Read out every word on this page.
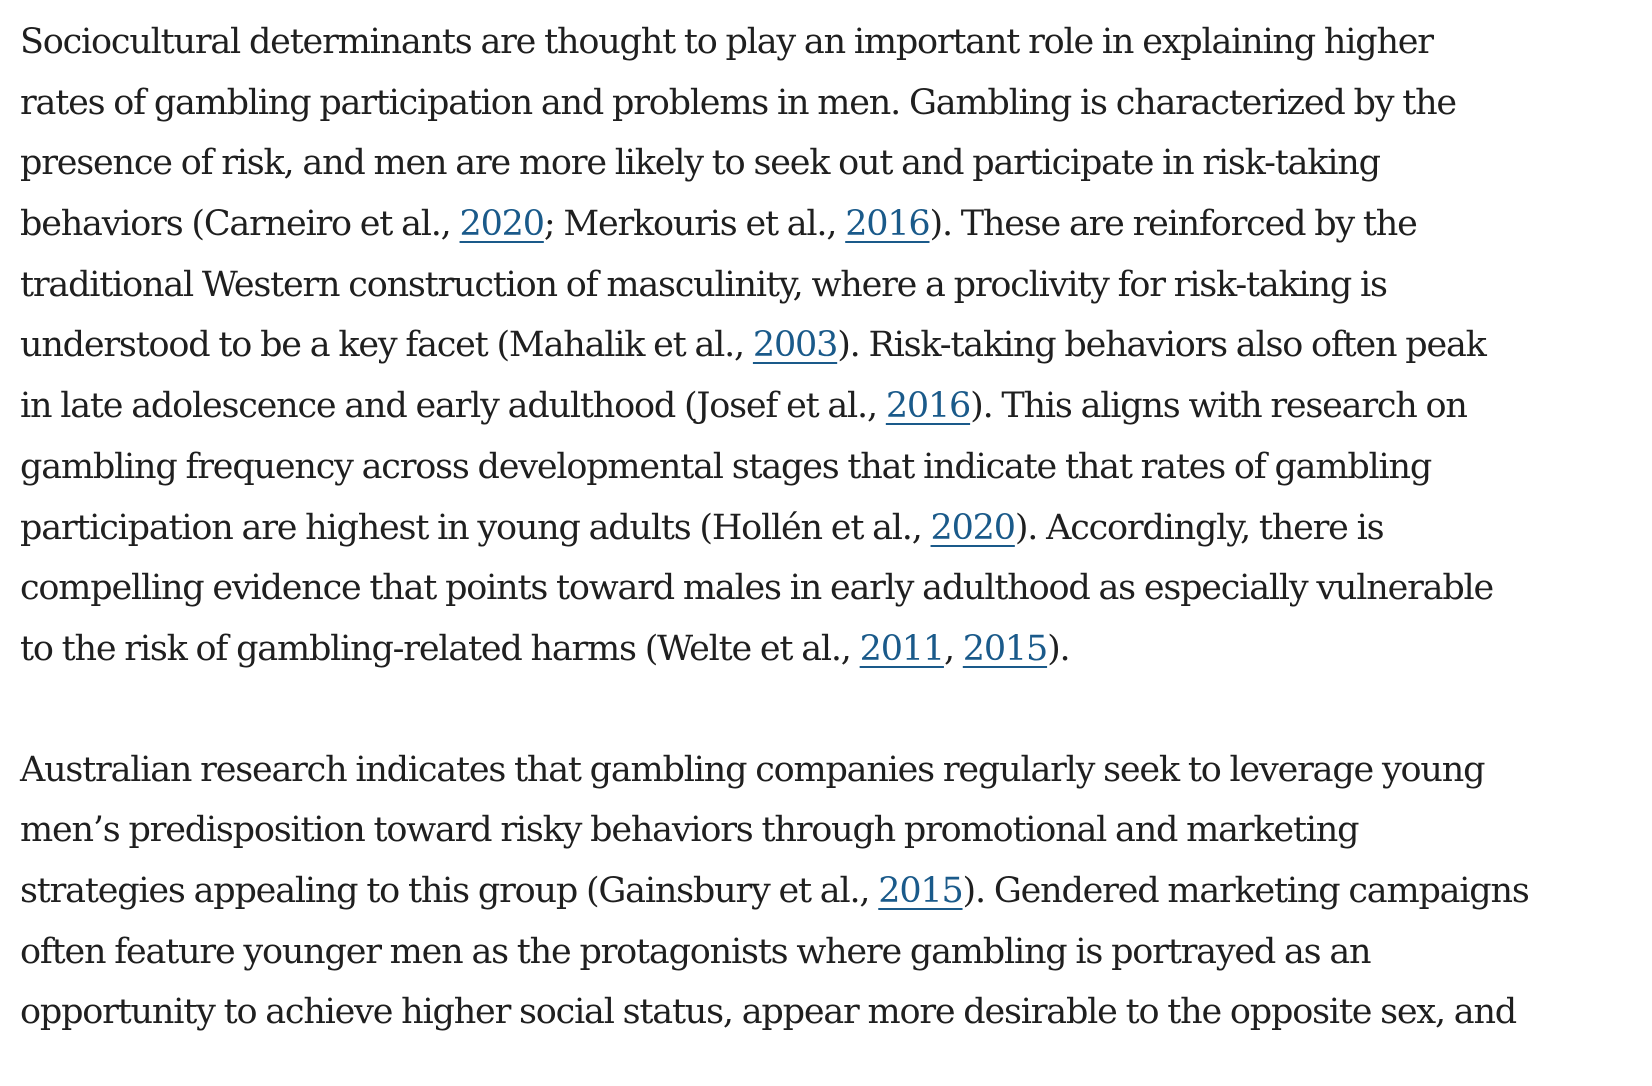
Sociocultural determinants are thought to play an important role in explaining higher
rates of gambling participation and problems in men. Gambling is characterized by the
presence of risk, and men are more likely to seek out and participate in risk-taking
behaviors (Carneiro et al., 2020; Merkouris et al., 2016). These are reinforced by the
traditional Western construction of masculinity, where a proclivity for risk-taking is
understood to be a key facet (Mahalik et al., 2003). Risk-taking behaviors also often peak
in late adolescence and early adulthood (Josef et al., 2016). This aligns with research on
gambling frequency across developmental stages that indicate that rates of gambling
participation are highest in young adults (Hollén et al., 2020). Accordingly, there is
compelling evidence that points toward males in early adulthood as especially vulnerable
to the risk of gambling-related harms (Welte et al., 2011, 2015).

Australian research indicates that gambling companies regularly seek to leverage young
men’s predisposition toward risky behaviors through promotional and marketing
strategies appealing to this group (Gainsbury et al., 2015). Gendered marketing campaigns
often feature younger men as the protagonists where gambling is portrayed as an
opportunity to achieve higher social status, appear more desirable to the opposite sex, and
